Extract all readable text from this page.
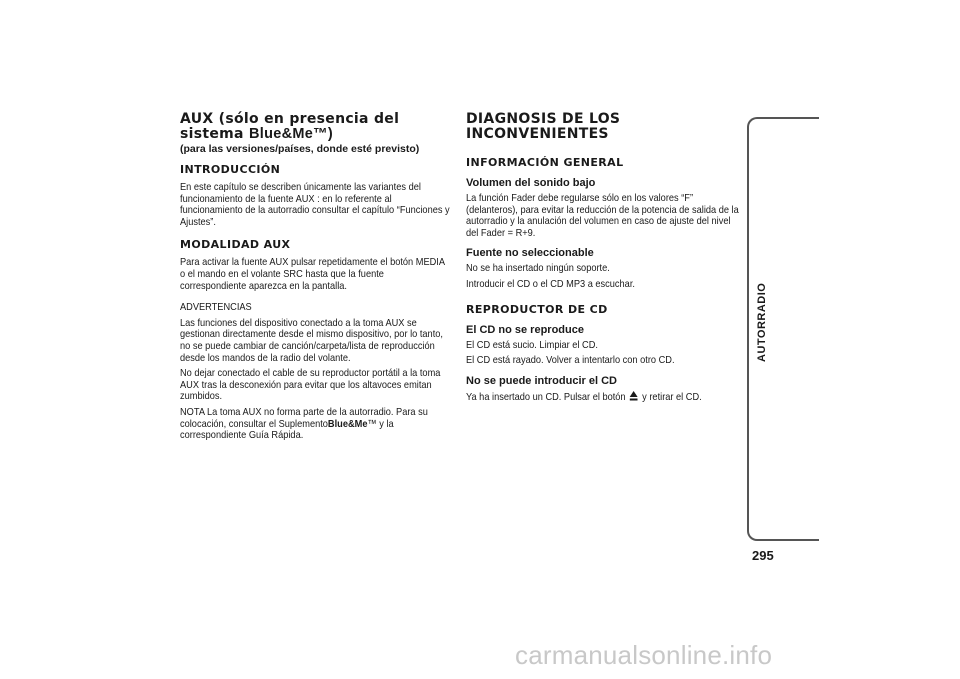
AUX (sólo en presencia del
sistema Blue&Me™)
(para las versiones/países, donde esté previsto)
INTRODUCCIÓN

En este capítulo se describen únicamente las variantes del funcionamiento de la fuente AUX : en lo referente al funcionamiento de la autorradio consultar el capítulo “Funciones y Ajustes”.

MODALIDAD AUX

Para activar la fuente AUX pulsar repetidamente el botón MEDIA o el mando en el volante SRC hasta que la fuente correspondiente aparezca en la pantalla.

ADVERTENCIAS

Las funciones del dispositivo conectado a la toma AUX se gestionan directamente desde el mismo dispositivo, por lo tanto, no se puede cambiar de canción/carpeta/lista de reproducción desde los mandos de la radio del volante.

No dejar conectado el cable de su reproductor portátil a la toma AUX tras la desconexión para evitar que los altavoces emitan zumbidos.

NOTA La toma AUX no forma parte de la autorradio. Para su colocación, consultar el SuplementoBlue&Me™ y la correspondiente Guía Rápida.

DIAGNOSIS DE LOS
INCONVENIENTES
INFORMACIÓN GENERAL
Volumen del sonido bajo

La función Fader debe regularse sólo en los valores “F” (delanteros), para evitar la reducción de la potencia de salida de la autorradio y la anulación del volumen en caso de ajuste del nivel del Fader = R+9.

Fuente no seleccionable

No se ha insertado ningún soporte.

Introducir el CD o el CD MP3 a escuchar.

REPRODUCTOR DE CD
El CD no se reproduce

El CD está sucio. Limpiar el CD.

El CD está rayado. Volver a intentarlo con otro CD.

No se puede introducir el CD

Ya ha insertado un CD. Pulsar el botón y retirar el CD.

AUTORRADIO
295
carmanualsonline.info
